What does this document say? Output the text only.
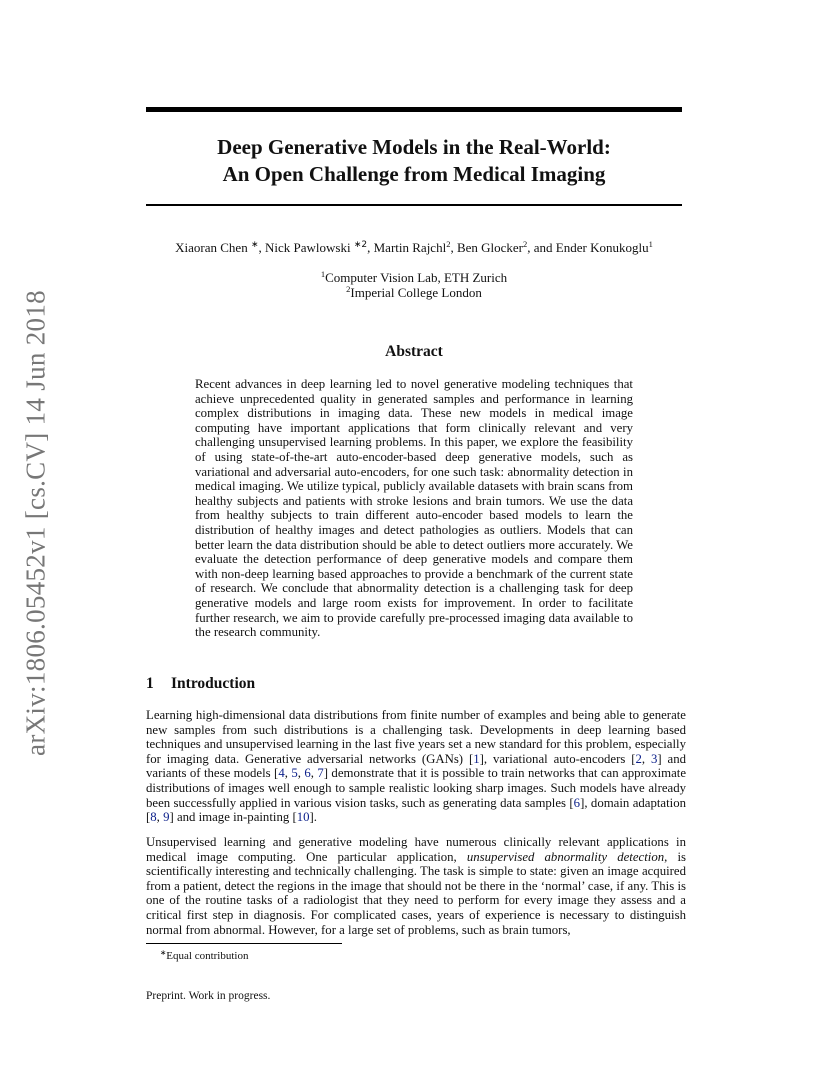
arXiv:1806.05452v1 [cs.CV] 14 Jun 2018
Deep Generative Models in the Real-World:
An Open Challenge from Medical Imaging
Xiaoran Chen ∗, Nick Pawlowski $^{∗2}$, Martin Rajchl$^2$, Ben Glocker$^2$, and Ender Konukoglu$^1$
$^1$Computer Vision Lab, ETH Zurich
$^2$Imperial College London
Abstract
Recent advances in deep learning led to novel generative modeling techniques that achieve unprecedented quality in generated samples and performance in learning complex distributions in imaging data. These new models in medical image computing have important applications that form clinically relevant and very challenging unsupervised learning problems. In this paper, we explore the feasibility of using state-of-the-art auto-encoder-based deep generative models, such as variational and adversarial auto-encoders, for one such task: abnormality detection in medical imaging. We utilize typical, publicly available datasets with brain scans from healthy subjects and patients with stroke lesions and brain tumors. We use the data from healthy subjects to train different auto-encoder based models to learn the distribution of healthy images and detect pathologies as outliers. Models that can better learn the data distribution should be able to detect outliers more accurately. We evaluate the detection performance of deep generative models and compare them with non-deep learning based approaches to provide a benchmark of the current state of research. We conclude that abnormality detection is a challenging task for deep generative models and large room exists for improvement. In order to facilitate further research, we aim to provide carefully pre-processed imaging data available to the research community.
1 Introduction
Learning high-dimensional data distributions from finite number of examples and being able to generate new samples from such distributions is a challenging task. Developments in deep learning based techniques and unsupervised learning in the last five years set a new standard for this problem, especially for imaging data. Generative adversarial networks (GANs) [1], variational auto-encoders [2, 3] and variants of these models [4, 5, 6, 7] demonstrate that it is possible to train networks that can approximate distributions of images well enough to sample realistic looking sharp images. Such models have already been successfully applied in various vision tasks, such as generating data samples [6], domain adaptation [8, 9] and image in-painting [10].
Unsupervised learning and generative modeling have numerous clinically relevant applications in medical image computing. One particular application, unsupervised abnormality detection, is scientifically interesting and technically challenging. The task is simple to state: given an image acquired from a patient, detect the regions in the image that should not be there in the ‘normal’ case, if any. This is one of the routine tasks of a radiologist that they need to perform for every image they assess and a critical first step in diagnosis. For complicated cases, years of experience is necessary to distinguish normal from abnormal. However, for a large set of problems, such as brain tumors,
∗Equal contribution
Preprint. Work in progress.
